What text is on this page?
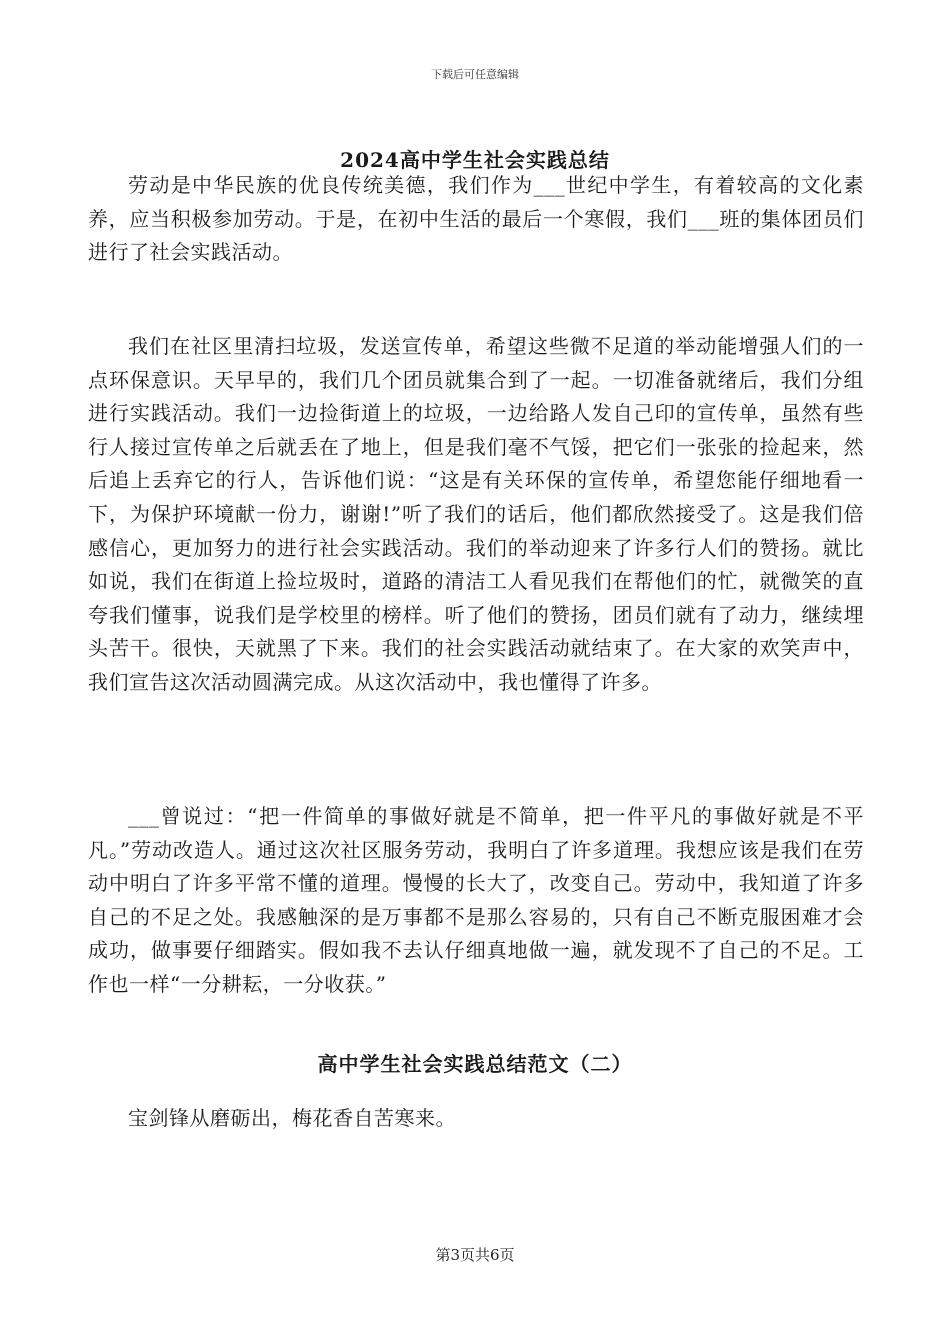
下载后可任意编辑
2024高中学生社会实践总结

劳动是中华民族的优良传统美德，我们作为___世纪中学生，有着较高的文化素养，应当积极参加劳动。于是，在初中生活的最后一个寒假，我们___班的集体团员们进行了社会实践活动。

我们在社区里清扫垃圾，发送宣传单，希望这些微不足道的举动能增强人们的一点环保意识。天早早的，我们几个团员就集合到了一起。一切准备就绪后，我们分组进行实践活动。我们一边捡街道上的垃圾，一边给路人发自己印的宣传单，虽然有些行人接过宣传单之后就丢在了地上，但是我们毫不气馁，把它们一张张的捡起来，然后追上丢弃它的行人，告诉他们说：“这是有关环保的宣传单，希望您能仔细地看一下，为保护环境献一份力，谢谢!”听了我们的话后，他们都欣然接受了。这是我们倍感信心，更加努力的进行社会实践活动。我们的举动迎来了许多行人们的赞扬。就比如说，我们在街道上捡垃圾时，道路的清洁工人看见我们在帮他们的忙，就微笑的直夸我们懂事，说我们是学校里的榜样。听了他们的赞扬，团员们就有了动力，继续埋头苦干。很快，天就黑了下来。我们的社会实践活动就结束了。在大家的欢笑声中，我们宣告这次活动圆满完成。从这次活动中，我也懂得了许多。

___曾说过：“把一件简单的事做好就是不简单，把一件平凡的事做好就是不平凡。”劳动改造人。通过这次社区服务劳动，我明白了许多道理。我想应该是我们在劳动中明白了许多平常不懂的道理。慢慢的长大了，改变自己。劳动中，我知道了许多自己的不足之处。我感触深的是万事都不是那么容易的，只有自己不断克服困难才会成功，做事要仔细踏实。假如我不去认仔细真地做一遍，就发现不了自己的不足。工作也一样“一分耕耘，一分收获。”

高中学生社会实践总结范文（二）

宝剑锋从磨砺出，梅花香自苦寒来。

第3页共6页
